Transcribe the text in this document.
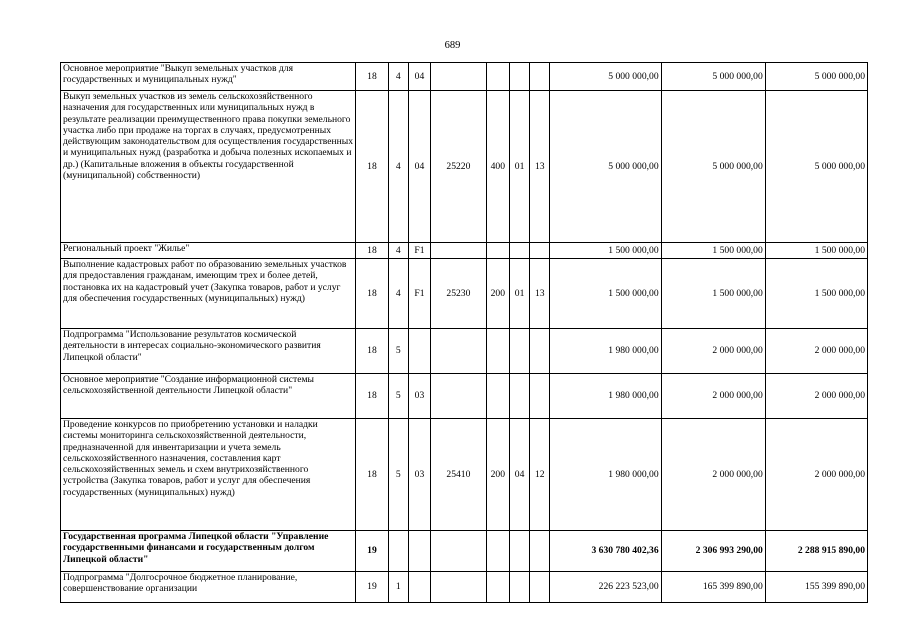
689
Основное мероприятие "Выкуп земельных участков для государственных и муниципальных нужд"	18	4	04					5 000 000,00	5 000 000,00	5 000 000,00
Выкуп земельных участков из земель сельскохозяйственного назначения для государственных или муниципальных нужд в результате реализации преимущественного права покупки земельного участка либо при продаже на торгах в случаях, предусмотренных действующим законодательством для осуществления государственных и муниципальных нужд (разработка и добыча полезных ископаемых и др.) (Капитальные вложения в объекты государственной (муниципальной) собственности)	18	4	04	25220	400	01	13	5 000 000,00	5 000 000,00	5 000 000,00
Региональный проект "Жилье"	18	4	F1					1 500 000,00	1 500 000,00	1 500 000,00
Выполнение кадастровых работ по образованию земельных участков для предоставления гражданам, имеющим трех и более детей, постановка их на кадастровый учет (Закупка товаров, работ и услуг для обеспечения государственных (муниципальных) нужд)	18	4	F1	25230	200	01	13	1 500 000,00	1 500 000,00	1 500 000,00
Подпрограмма "Использование результатов космической деятельности в интересах социально-экономического развития Липецкой области"	18	5						1 980 000,00	2 000 000,00	2 000 000,00
Основное мероприятие "Создание информационной системы сельскохозяйственной деятельности Липецкой области"	18	5	03					1 980 000,00	2 000 000,00	2 000 000,00
Проведение конкурсов по приобретению установки и наладки системы мониторинга сельскохозяйственной деятельности, предназначенной для инвентаризации и учета земель сельскохозяйственного назначения, составления карт сельскохозяйственных земель и схем внутрихозяйственного устройства (Закупка товаров, работ и услуг для обеспечения государственных (муниципальных) нужд)	18	5	03	25410	200	04	12	1 980 000,00	2 000 000,00	2 000 000,00
Государственная программа Липецкой области "Управление государственными финансами и государственным долгом Липецкой области"	19							3 630 780 402,36	2 306 993 290,00	2 288 915 890,00
Подпрограмма "Долгосрочное бюджетное планирование, совершенствование организации	19	1						226 223 523,00	165 399 890,00	155 399 890,00
